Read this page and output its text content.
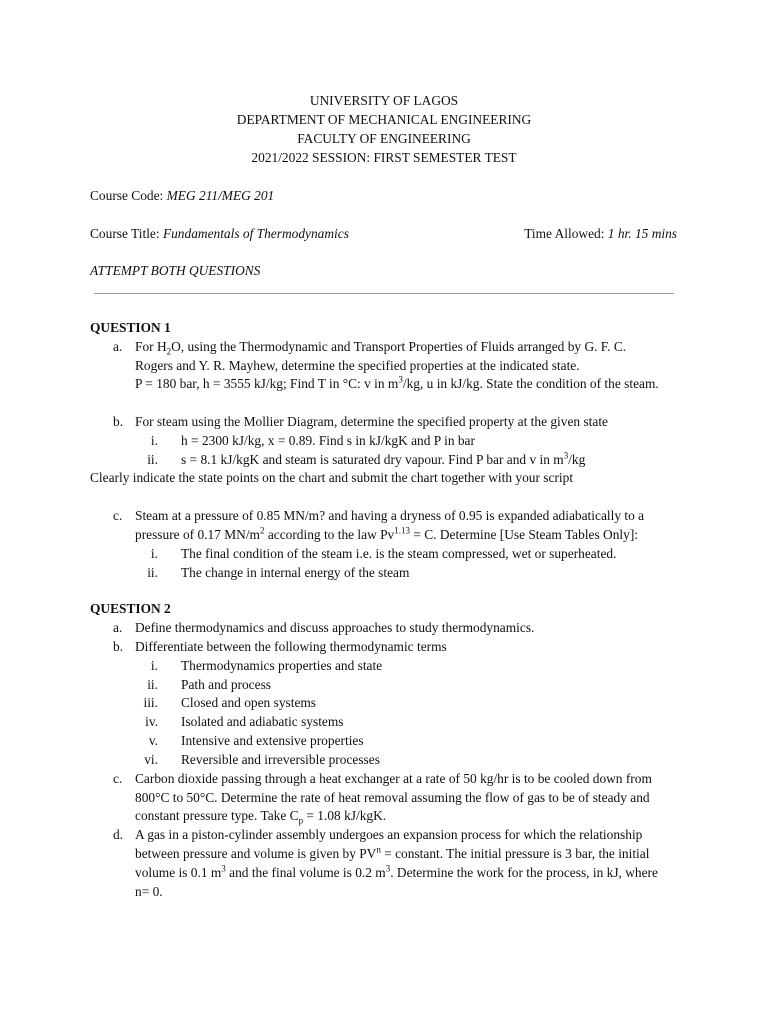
UNIVERSITY OF LAGOS
DEPARTMENT OF MECHANICAL ENGINEERING
FACULTY OF ENGINEERING
2021/2022 SESSION: FIRST SEMESTER TEST
Course Code: MEG 211/MEG 201
Course Title: Fundamentals of Thermodynamics	Time Allowed: 1 hr. 15 mins
ATTEMPT BOTH QUESTIONS
QUESTION 1
a. For $H_2O$, using the Thermodynamic and Transport Properties of Fluids arranged by G. F. C.
Rogers and Y. R. Mayhew, determine the specified properties at the indicated state.
P = 180 bar, h = 3555 kJ/kg; Find T in °C: v in $m^3/kg$, u in kJ/kg. State the condition of the steam.
b. For steam using the Mollier Diagram, determine the specified property at the given state
i. h = 2300 kJ/kg, x = 0.89. Find s in kJ/kgK and P in bar
ii. s = 8.1 kJ/kgK and steam is saturated dry vapour. Find P bar and v in $m^3/kg$
Clearly indicate the state points on the chart and submit the chart together with your script
c. Steam at a pressure of 0.85 MN/m? and having a dryness of 0.95 is expanded adiabatically to a
pressure of 0.17 $MN/m^2$ according to the law $Pv^{1.13} = C$. Determine [Use Steam Tables Only]:
i. The final condition of the steam i.e. is the steam compressed, wet or superheated.
ii. The change in internal energy of the steam
QUESTION 2
a. Define thermodynamics and discuss approaches to study thermodynamics.
b. Differentiate between the following thermodynamic terms
i. Thermodynamics properties and state
ii. Path and process
iii. Closed and open systems
iv. Isolated and adiabatic systems
v. Intensive and extensive properties
vi. Reversible and irreversible processes
c. Carbon dioxide passing through a heat exchanger at a rate of 50 kg/hr is to be cooled down from
800°C to 50°C. Determine the rate of heat removal assuming the flow of gas to be of steady and
constant pressure type. Take $C_p = 1.08$ kJ/kgK.
d. A gas in a piston-cylinder assembly undergoes an expansion process for which the relationship
between pressure and volume is given by $PV^n$ = constant. The initial pressure is 3 bar, the initial
volume is 0.1 $m^3$ and the final volume is 0.2 $m^3$. Determine the work for the process, in kJ, where
n= 0.
